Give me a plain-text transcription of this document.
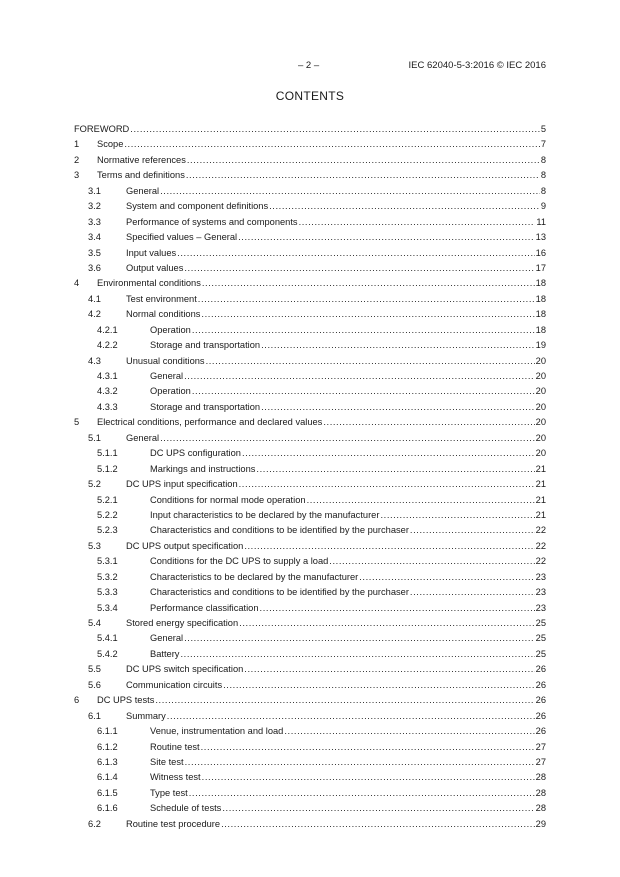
– 2 –	IEC 62040-5-3:2016 © IEC 2016
CONTENTS
FOREWORD .....	5
1 Scope .....	7
2 Normative references .....	8
3 Terms and definitions .....	8
3.1	General .....	8
3.2	System and component definitions .....	9
3.3	Performance of systems and components .....	11
3.4	Specified values – General .....	13
3.5	Input values .....	16
3.6	Output values .....	17
4 Environmental conditions .....	18
4.1	Test environment .....	18
4.2	Normal conditions .....	18
4.2.1	Operation .....	18
4.2.2	Storage and transportation .....	19
4.3	Unusual conditions .....	20
4.3.1	General .....	20
4.3.2	Operation .....	20
4.3.3	Storage and transportation .....	20
5 Electrical conditions, performance and declared values .....	20
5.1	General .....	20
5.1.1	DC UPS configuration .....	20
5.1.2	Markings and instructions .....	21
5.2	DC UPS input specification .....	21
5.2.1	Conditions for normal mode operation .....	21
5.2.2	Input characteristics to be declared by the manufacturer .....	21
5.2.3	Characteristics and conditions to be identified by the purchaser .....	22
5.3	DC UPS output specification .....	22
5.3.1	Conditions for the DC UPS to supply a load .....	22
5.3.2	Characteristics to be declared by the manufacturer .....	23
5.3.3	Characteristics and conditions to be identified by the purchaser .....	23
5.3.4	Performance classification .....	23
5.4	Stored energy specification .....	25
5.4.1	General .....	25
5.4.2	Battery .....	25
5.5	DC UPS switch specification .....	26
5.6	Communication circuits .....	26
6 DC UPS tests .....	26
6.1	Summary .....	26
6.1.1	Venue, instrumentation and load .....	26
6.1.2	Routine test .....	27
6.1.3	Site test .....	27
6.1.4	Witness test .....	28
6.1.5	Type test .....	28
6.1.6	Schedule of tests .....	28
6.2	Routine test procedure .....	29
